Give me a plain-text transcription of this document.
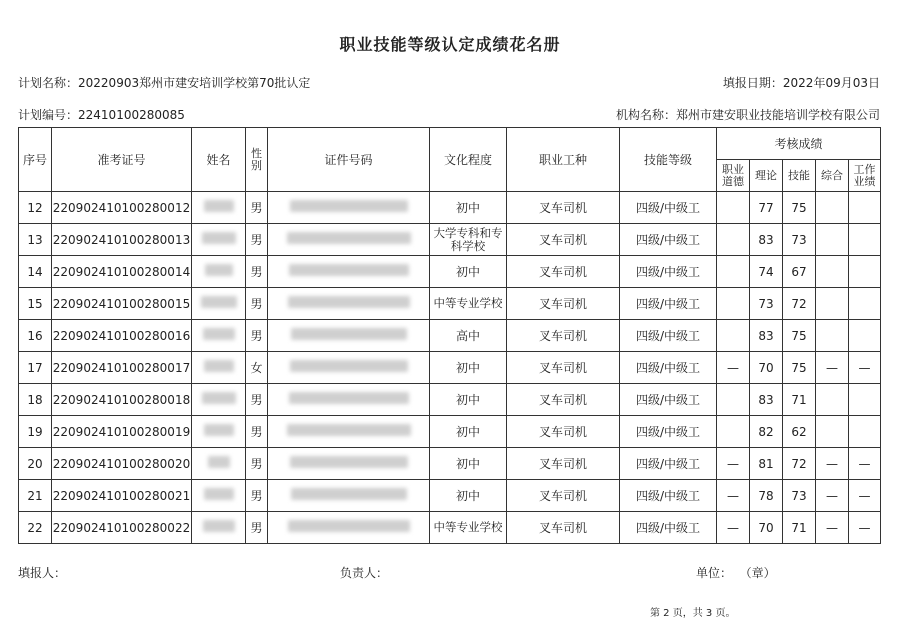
职业技能等级认定成绩花名册
计划名称：20220903郑州市建安培训学校第70批认定	填报日期：2022年09月03日
计划编号：22410100280085	机构名称：郑州市建安职业技能培训学校有限公司
序号	准考证号	姓名	性别	证件号码	文化程度	职业工种	技能等级	考核成绩				
								职业道德	理论	技能	综合	工作业绩
12	220902410100280012		男		初中	叉车司机	四级/中级工		77	75		
13	220902410100280013		男		大学专科和专科学校	叉车司机	四级/中级工		83	73		
14	220902410100280014		男		初中	叉车司机	四级/中级工		74	67		
15	220902410100280015		男		中等专业学校	叉车司机	四级/中级工		73	72		
16	220902410100280016		男		高中	叉车司机	四级/中级工		83	75		
17	220902410100280017		女		初中	叉车司机	四级/中级工	—	70	75	—	—
18	220902410100280018		男		初中	叉车司机	四级/中级工		83	71		
19	220902410100280019		男		初中	叉车司机	四级/中级工		82	62		
20	220902410100280020		男		初中	叉车司机	四级/中级工	—	81	72	—	—
21	220902410100280021		男		初中	叉车司机	四级/中级工	—	78	73	—	—
22	220902410100280022		男		中等专业学校	叉车司机	四级/中级工	—	70	71	—	—
填报人：	负责人：	单位： （章）
第 2 页，共 3 页。
